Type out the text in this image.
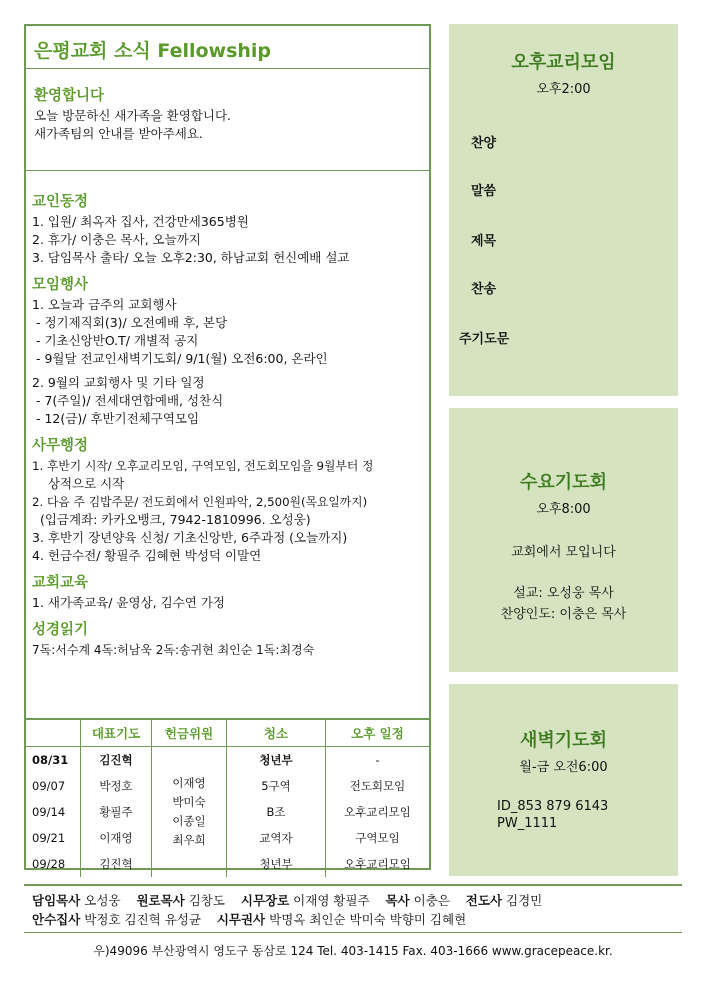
은평교회 소식 Fellowship
환영합니다
오늘 방문하신 새가족을 환영합니다.
새가족팀의 안내를 받아주세요.
교인동정
1. 입원/ 최옥자 집사, 건강만세365병원
2. 휴가/ 이충은 목사, 오늘까지
3. 담임목사 출타/ 오늘 오후2:30, 하남교회 헌신예배 설교
모임행사
1. 오늘과 금주의 교회행사
- 정기제직회(3)/ 오전예배 후, 본당
- 기초신앙반O.T/ 개별적 공지
- 9월달 전교인새벽기도회/ 9/1(월) 오전6:00, 온라인
2. 9월의 교회행사 및 기타 일정
- 7(주일)/ 전세대연합예배, 성찬식
- 12(금)/ 후반기전체구역모임
사무행정
1. 후반기 시작/ 오후교리모임, 구역모임, 전도회모임을 9월부터 정
상적으로 시작
2. 다음 주 김밥주문/ 전도회에서 인원파악, 2,500원(목요일까지)
(입금계좌: 카카오뱅크, 7942-1810996. 오성웅)
3. 후반기 장년양육 신청/ 기초신앙반, 6주과정 (오늘까지)
4. 헌금수전/ 황필주 김혜현 박성덕 이말연
교회교육
1. 새가족교육/ 윤영상, 김수연 가정
성경읽기
7독:서수계 4독:허남욱 2독:송귀현 최인순 1독:최경숙
	대표기도	헌금위원	청소	오후 일정
08/31	김진혁	이재영
박미숙
이종일
최우희	청년부	-
09/07	박정호		5구역	전도회모임
09/14	황필주		B조	오후교리모임
09/21	이재영		교역자	구역모임
09/28	김진혁		청년부	오후교리모임
오후교리모임
오후2:00
찬양
말씀
제목
찬송
주기도문
수요기도회
오후8:00
교회에서 모입니다
설교: 오성웅 목사
찬양인도: 이충은 목사
새벽기도회
월-금 오전6:00
ID_853 879 6143
PW_1111
담임목사 오성웅 원로목사 김창도 시무장로 이재영 황필주 목사 이충은 전도사 김경민
안수집사 박정호 김진혁 유성균 시무권사 박명옥 최인순 박미숙 박향미 김혜현
우)49096 부산광역시 영도구 동삼로 124 Tel. 403-1415 Fax. 403-1666 www.gracepeace.kr.
